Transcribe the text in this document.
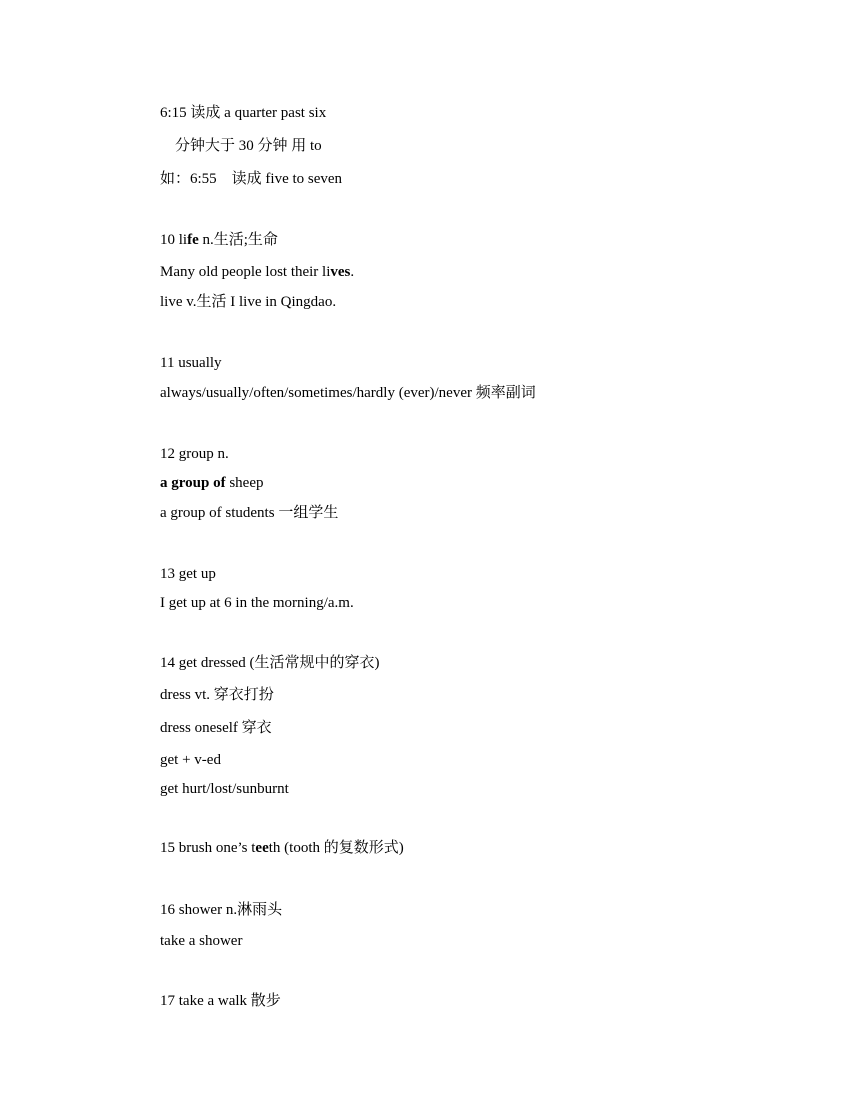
6:15 读成 a quarter past six
分钟大于 30 分钟 用 to
如：6:55    读成 five to seven
10 life n.生活;生命
Many old people lost their lives.
live v.生活 I live in Qingdao.
11 usually
always/usually/often/sometimes/hardly (ever)/never 频率副词
12 group n.
a group of sheep
a group of students 一组学生
13 get up
I get up at 6 in the morning/a.m.
14 get dressed (生活常规中的穿衣)
dress vt. 穿衣打扮
dress oneself 穿衣
get + v-ed
get hurt/lost/sunburnt
15 brush one’s teeth (tooth 的复数形式)
16 shower n.淋雨头
take a shower
17 take a walk 散步
